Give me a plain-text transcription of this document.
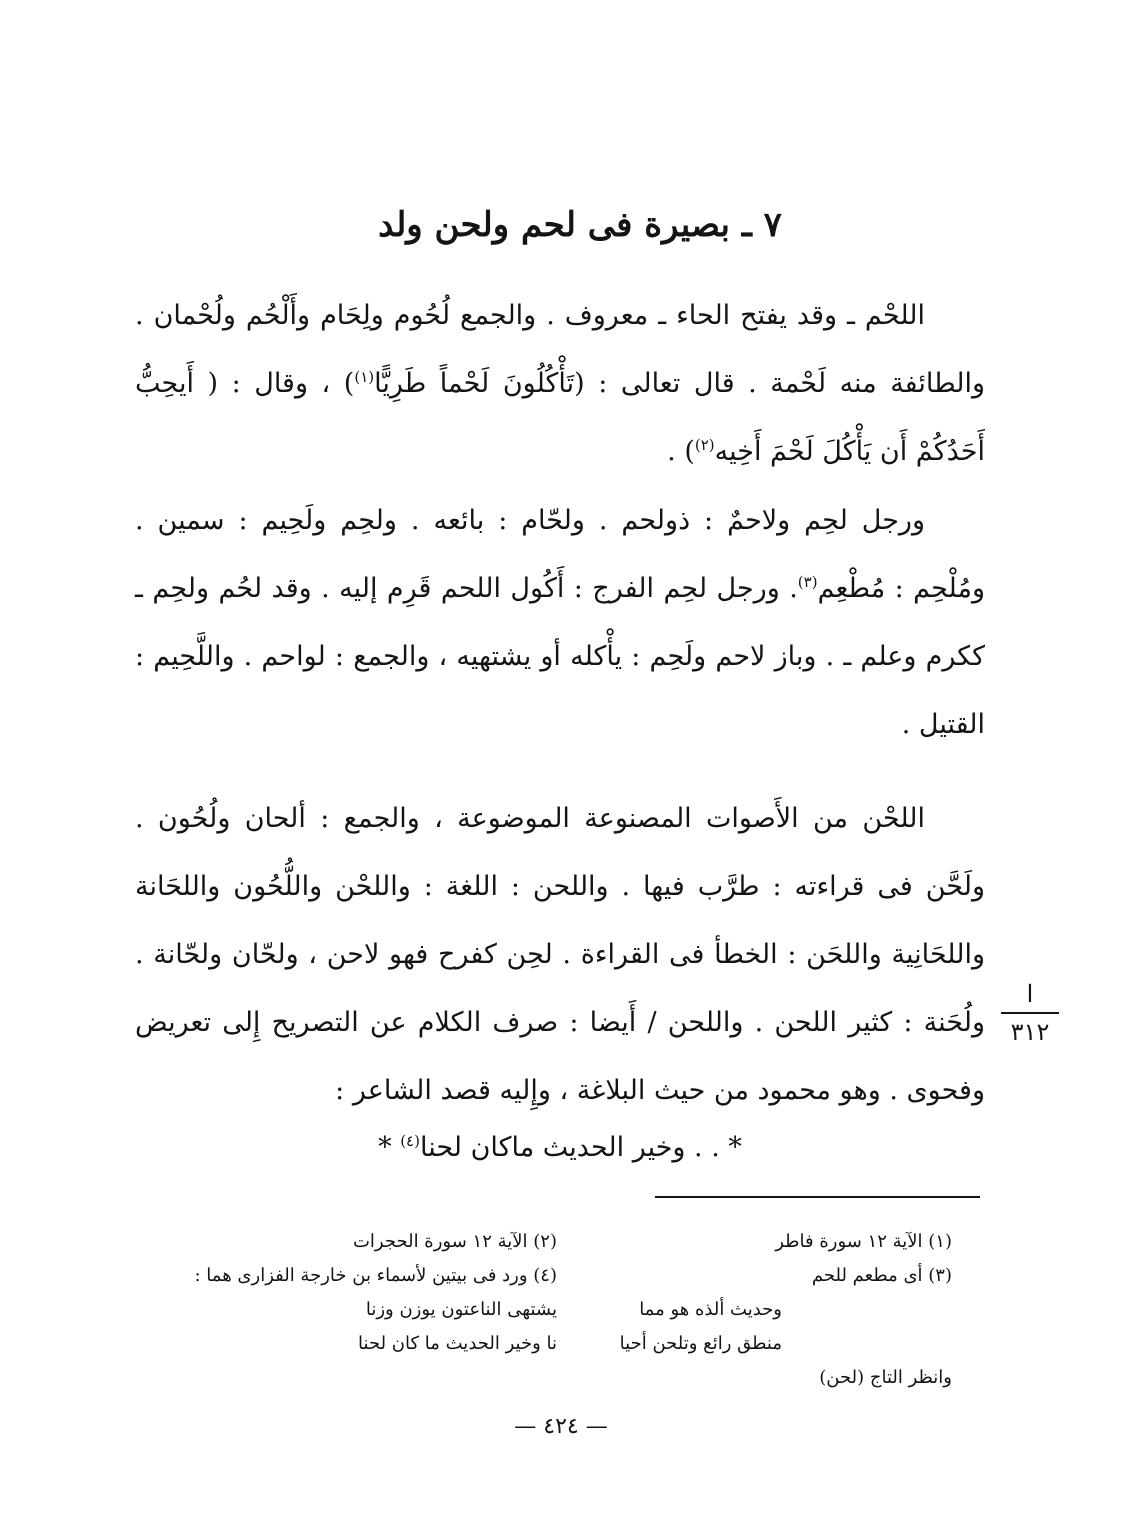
٧ ـ بصيرة فى لحم ولحن ولد

اللحْم ـ وقد يفتح الحاء ـ معروف . والجمع لُحُوم ولِحَام وأَلْحُم ولُحْمان . والطائفة منه لَحْمة . قال تعالى : (تَأْكُلُونَ لَحْماً طَرِيًّا$^{(١)}$) ، وقال : ( أَيحِبُّ أَحَدُكُمْ أَن يَأْكُلَ لَحْمَ أَخِيه$^{(٢)}$) .

ورجل لحِم ولاحمٌ : ذولحم . ولحّام : بائعه . ولحِم ولَحِيم : سمين . ومُلْحِم : مُطْعِم$^{(٣)}$. ورجل لحِم الفرج : أَكُول اللحم قَرِم إليه . وقد لحُم ولحِم ـ ككرم وعلم ـ . وباز لاحم ولَحِم : يأْكله أو يشتهيه ، والجمع : لواحم . واللَّحِيم : القتيل .

اللحْن من الأَصوات المصنوعة الموضوعة ، والجمع : ألحان ولُحُون . ولَحَّن فى قراءته : طرَّب فيها . واللحن : اللغة : واللحْن واللُّحُون واللحَانة واللحَانِية واللحَن : الخطأ فى القراءة . لحِن كفرح فهو لاحن ، ولحّان ولحّانة . ولُحَنة : كثير اللحن . واللحن / أَيضا : صرف الكلام عن التصريح إِلى تعريض وفحوى . وهو محمود من حيث البلاغة ، وإِليه قصد الشاعر :

* . . وخير الحديث ماكان لحنا$^{(٤)}$ *
ا
٣١٢
(١) الآية ١٢ سورة فاطر
(٢) الآية ١٢ سورة الحجرات
(٣) أى مطعم للحم
(٤) ورد فى بيتين لأسماء بن خارجة الفزارى هما :
وحديث ألذه هو مما
يشتهى الناعتون يوزن وزنا
منطق رائع وتلحن أحيا
نا وخير الحديث ما كان لحنا
وانظر التاج (لحن)
— ٤٢٤ —
